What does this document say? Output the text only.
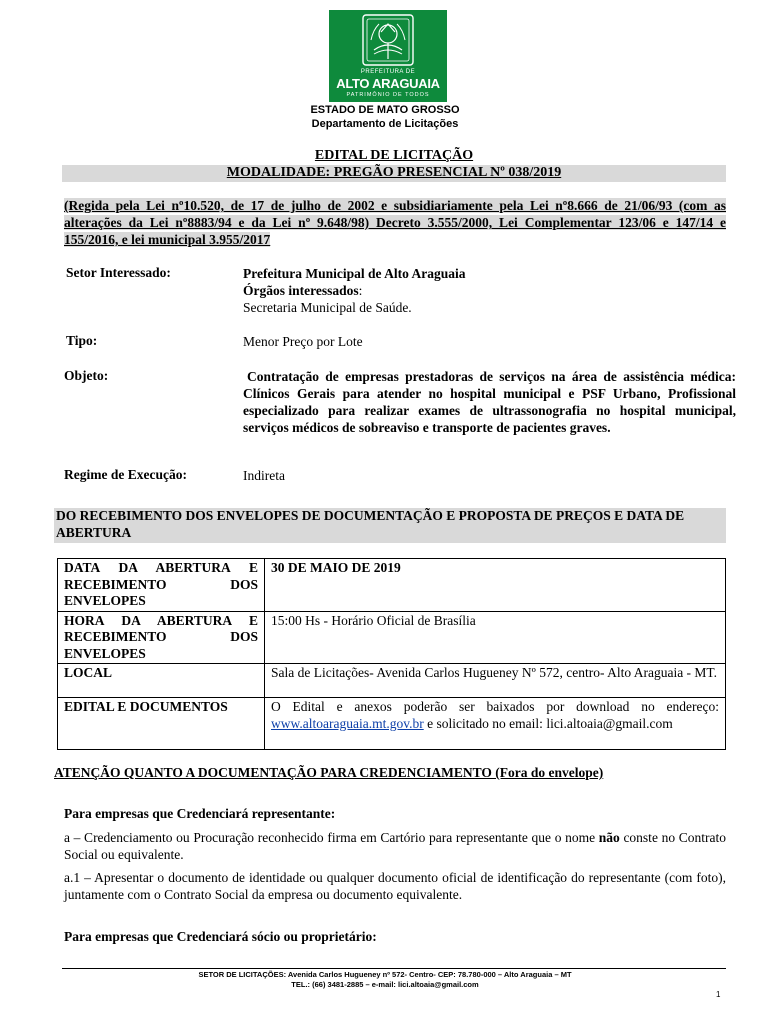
PREFEITURA DE
ALTO ARAGUAIA
PATRIMÔNIO DE TODOS
ESTADO DE MATO GROSSO
Departamento de Licitações
EDITAL DE LICITAÇÃO
MODALIDADE: PREGÃO PRESENCIAL Nº 038/2019
(Regida pela Lei nº10.520, de 17 de julho de 2002 e subsidiariamente pela Lei nº8.666 de 21/06/93 (com as alterações da Lei nº8883/94 e da Lei nº 9.648/98) Decreto 3.555/2000, Lei Complementar 123/06 e 147/14 e 155/2016, e lei municipal 3.955/2017
Setor Interessado:	Prefeitura Municipal de Alto Araguaia
Órgãos interessados:
Secretaria Municipal de Saúde.
Tipo:	Menor Preço por Lote
Objeto:	Contratação de empresas prestadoras de serviços na área de assistência médica: Clínicos Gerais para atender no hospital municipal e PSF Urbano, Profissional especializado para realizar exames de ultrassonografia no hospital municipal, serviços médicos de sobreaviso e transporte de pacientes graves.
Regime de Execução:	Indireta
DO RECEBIMENTO DOS ENVELOPES DE DOCUMENTAÇÃO E PROPOSTA DE PREÇOS E DATA DE ABERTURA
DATA DA ABERTURA E RECEBIMENTO DOS ENVELOPES	30 DE MAIO DE 2019
HORA DA ABERTURA E RECEBIMENTO DOS ENVELOPES	15:00 Hs - Horário Oficial de Brasília
LOCAL	Sala de Licitações- Avenida Carlos Hugueney Nº 572, centro- Alto Araguaia - MT.
EDITAL E DOCUMENTOS	O Edital e anexos poderão ser baixados por download no endereço: www.altoaraguaia.mt.gov.br e solicitado no email: lici.altoaia@gmail.com
ATENÇÃO QUANTO A DOCUMENTAÇÃO PARA CREDENCIAMENTO (Fora do envelope)
Para empresas que Credenciará representante:
a – Credenciamento ou Procuração reconhecido firma em Cartório para representante que o nome não conste no Contrato Social ou equivalente.
a.1 – Apresentar o documento de identidade ou qualquer documento oficial de identificação do representante (com foto), juntamente com o Contrato Social da empresa ou documento equivalente.
Para empresas que Credenciará sócio ou proprietário:
SETOR DE LICITAÇÕES: Avenida Carlos Hugueney nº 572- Centro- CEP: 78.780-000 – Alto Araguaia – MT
TEL.: (66) 3481-2885 – e-mail: lici.altoaia@gmail.com
1
